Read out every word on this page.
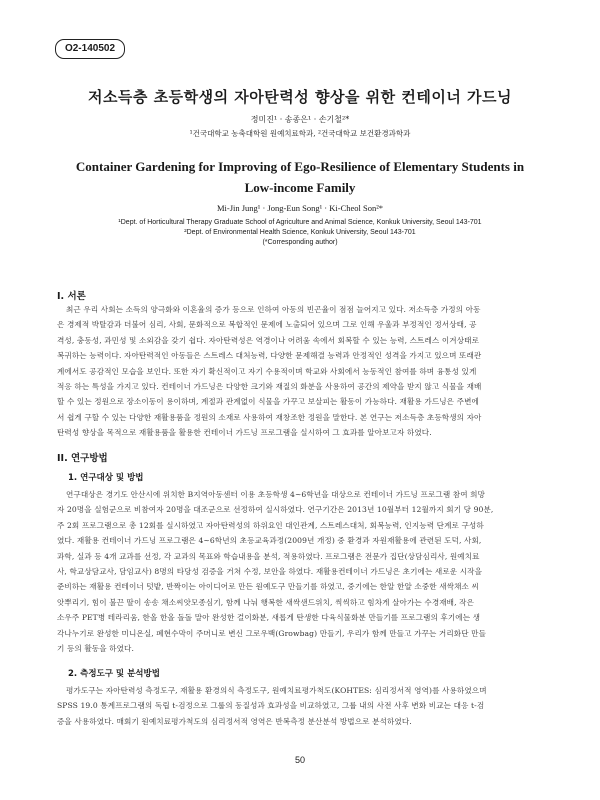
O2-140502
저소득층 초등학생의 자아탄력성 향상을 위한 컨테이너 가드닝
정미진¹ · 송종은¹ · 손기철²*
¹건국대학교 농축대학원 원예치료학과, ²건국대학교 보건환경과학과
Container Gardening for Improving of Ego-Resilience of Elementary Students in
Low-income Family
Mi-Jin Jung¹ · Jong-Eun Song¹ · Ki-Cheol Son²*
¹Dept. of Horticultural Therapy Graduate School of Agriculture and Animal Science, Konkuk University, Seoul 143-701
²Dept. of Environmental Health Science, Konkuk University, Seoul 143-701
(*Corresponding author)
I. 서론
최근 우리 사회는 소득의 양극화와 이혼율의 증가 등으로 인하여 아동의 빈곤율이 점점 늘어지고 있다. 저소득층 가정의 아동
은 경제적 박탈감과 더불어 심리, 사회, 문화적으로 복합적인 문제에 노출되어 있으며 그로 인해 우울과 부정적인 정서상태, 공
격성, 충동성, 과민성 및 소외감을 갖기 쉽다. 자아탄력성은 역경이나 어려움 속에서 회복할 수 있는 능력, 스트레스 이겨상태로
복귀하는 능력이다. 자아탄력적인 아동들은 스트레스 대처능력, 다양한 문제해결 능력과 안정적인 성격을 가지고 있으며 또래관
계에서도 공감적인 모습을 보인다. 또한 자기 확신적이고 자기 수용적이며 학교와 사회에서 능동적인 참여를 하며 융통성 있게
적응 하는 특성을 가지고 있다. 컨테이너 가드닝은 다양한 크기와 재질의 화분을 사용하여 공간의 제약을 받지 않고 식물을 재배
할 수 있는 정원으로 장소이동이 용이하며, 계절과 관계없이 식물을 가꾸고 보살피는 활동이 가능하다. 재활용 가드닝은 주변에
서 쉽게 구할 수 있는 다양한 재활용품을 정원의 소재로 사용하여 재창조한 정원을 말한다. 본 연구는 저소득층 초등학생의 자아
탄력성 향상을 목적으로 재활용품을 활용한 컨테이너 가드닝 프로그램을 실시하여 그 효과를 알아보고자 하였다.
II. 연구방법
1. 연구대상 및 방법
연구대상은 경기도 안산시에 위치한 B지역아동센터 이용 초등학생 4~6학년을 대상으로 컨테이너 가드닝 프로그램 참여 희망
자 20명을 실험군으로 비참여자 20명을 대조군으로 선정하여 실시하였다. 연구기간은 2013년 10월부터 12월까지 회기 당 90분,
주 2회 프로그램으로 총 12회를 실시하였고 자아탄력성의 하위요인 대인관계, 스트레스대처, 회복능력, 인지능력 단계로 구성하
였다. 재활용 컨테이너 가드닝 프로그램은 4~6학년의 초등교육과정(2009년 개정) 중 환경과 자원재활용에 관련된 도덕, 사회,
과학, 실과 등 4개 교과를 선정, 각 교과의 목표와 학습내용을 분석, 적용하였다. 프로그램은 전문가 집단(상담심리사, 원예치료
사, 학교상담교사, 담임교사) 8명의 타당성 검증을 거쳐 수정, 보안을 하였다. 재활용컨테이너 가드닝은 초기에는 새로운 시작을
준비하는 재활용 컨테이너 텃밭, 반짝이는 아이디어로 만든 원예도구 만들기를 하였고, 중기에는 한알 한알 소중한 새싹채소 씨
앗뿌리기, 힘이 불끈 딸이 송송 채소씨앗모종심기, 함께 나눠 행복한 새싹샌드위치, 씩씩하고 힘차게 살아가는 수경재배, 작은
소우주 PET병 테라리움, 한올 한올 돌돌 말아 완성한 걸이화분, 새롭게 탄생한 다육식물화분 만들기를 프로그램의 후기에는 생
각나누기로 완성한 미니온실, 폐현수막이 주머니로 변신 그로우백(Growbag) 만들기, 우리가 함께 만들고 가꾸는 거리화단 만들
기 등의 활동을 하였다.
2. 측정도구 및 분석방법
평가도구는 자아탄력성 측정도구, 재활용 환경의식 측정도구, 원예치료평가척도(KOHTES: 심리정서적 영역)를 사용하였으며
SPSS 19.0 통계프로그램의 독립 t-검정으로 그룹의 동질성과 효과성을 비교하였고, 그룹 내의 사전 사후 변화 비교는 대응 t-검
증을 사용하였다. 매회기 원예치료평가척도의 심리정서적 영역은 반복측정 분산분석 방법으로 분석하였다.
50
